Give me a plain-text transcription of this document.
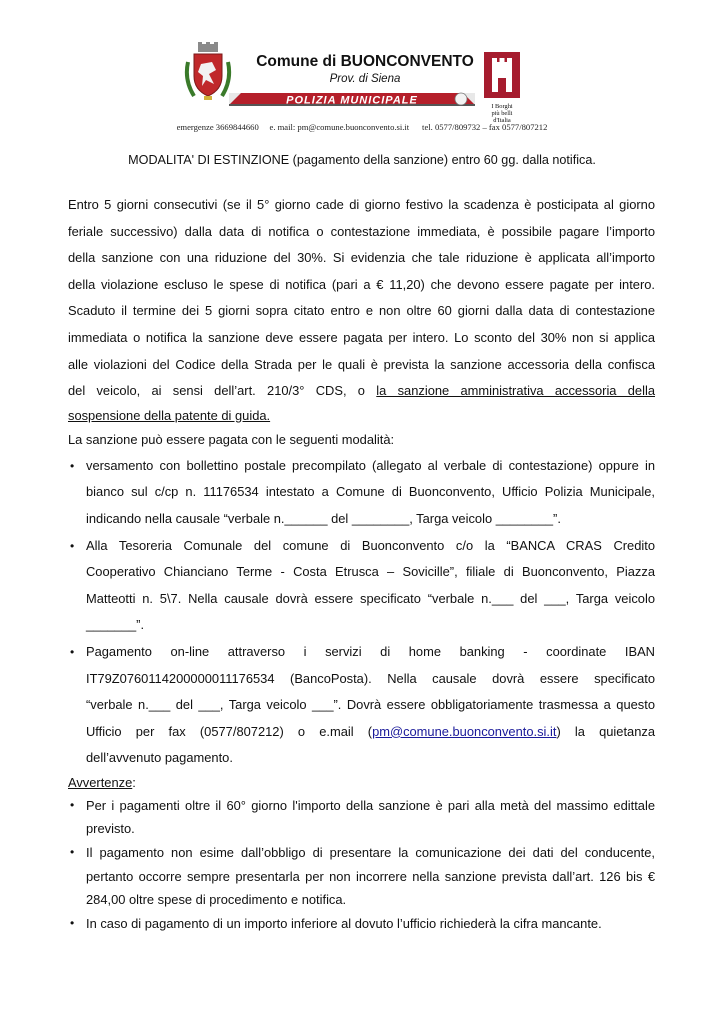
Comune di BUONCONVENTO
Prov. di Siena
POLIZIA MUNICIPALE	I Borghi
più belli
d'Italia
emergenze 3669844660     e. mail: pm@comune.buonconvento.si.it      tel. 0577/809732 – fax 0577/807212
MODALITA' DI ESTINZIONE (pagamento della sanzione) entro 60 gg. dalla notifica.

Entro 5 giorni consecutivi (se il 5° giorno cade di giorno festivo la scadenza è posticipata al giorno

feriale successivo) dalla data di notifica o contestazione immediata, è possibile pagare l’importo

della sanzione con una riduzione del 30%. Si evidenzia che tale riduzione è applicata all’importo

della violazione escluso le spese di notifica (pari a € 11,20) che devono essere pagate per intero.

Scaduto il termine dei 5 giorni sopra citato entro e non oltre 60 giorni dalla data di contestazione

immediata o notifica la sanzione deve essere pagata per intero. Lo sconto del 30% non si applica

alle violazioni del Codice della Strada per le quali è prevista la sanzione accessoria della confisca

del veicolo, ai sensi dell’art. 210/3° CDS, o la sanzione amministrativa accessoria della

sospensione della patente di guida.

La sanzione può essere pagata con le seguenti modalità:

• versamento con bollettino postale precompilato (allegato al verbale di contestazione) oppure in

bianco sul c/cp n. 11176534 intestato a Comune di Buonconvento, Ufficio Polizia Municipale,

indicando nella causale “verbale n.______ del ________, Targa veicolo ________”.

• Alla Tesoreria Comunale del comune di Buonconvento c/o la “BANCA CRAS Credito

Cooperativo Chianciano Terme - Costa Etrusca – Sovicille”, filiale di Buonconvento, Piazza

Matteotti n. 5\7. Nella causale dovrà essere specificato “verbale n.___ del ___, Targa veicolo

_______”.

• Pagamento on-line attraverso i servizi di home banking - coordinate IBAN

IT79Z0760114200000011176534 (BancoPosta). Nella causale dovrà essere specificato

“verbale n.___ del ___, Targa veicolo ___”. Dovrà essere obbligatoriamente trasmessa a questo

Ufficio per fax (0577/807212) o e.mail (pm@comune.buonconvento.si.it) la quietanza

dell’avvenuto pagamento.

Avvertenze:

• Per i pagamenti oltre il 60° giorno l'importo della sanzione è pari alla metà del massimo edittale

previsto.

• Il pagamento non esime dall’obbligo di presentare la comunicazione dei dati del conducente,

pertanto occorre sempre presentarla per non incorrere nella sanzione prevista dall’art. 126 bis €

284,00 oltre spese di procedimento e notifica.

• In caso di pagamento di un importo inferiore al dovuto l’ufficio richiederà la cifra mancante.
